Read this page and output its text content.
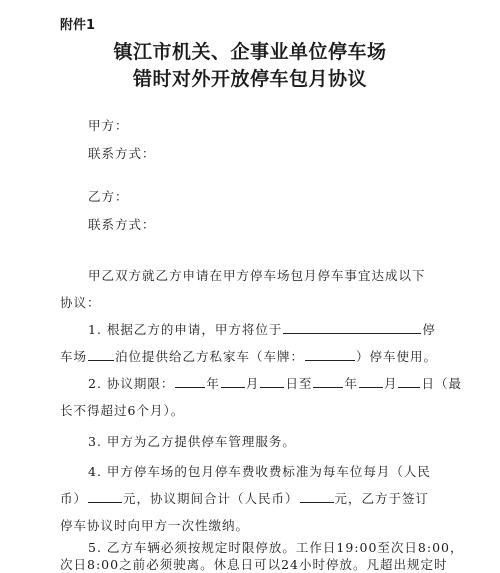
附件1
镇江市机关、企事业单位停车场
错时对外开放停车包月协议
甲方：
联系方式：
乙方：
联系方式：
甲乙双方就乙方申请在甲方停车场包月停车事宜达成以下
协议：
1. 根据乙方的申请，甲方将位于	停
车场 泊位提供给乙方私家车（车牌：	）停车使用。
2. 协议期限：	年 月 日至	年 月 日（最
长不得超过6个月）。
3. 甲方为乙方提供停车管理服务。
4. 甲方停车场的包月停车费收费标准为每车位每月（人民
币）	元，协议期间合计（人民币）	元，乙方于签订
停车协议时向甲方一次性缴纳。
5. 乙方车辆必须按规定时限停放。工作日19:00至次日8:00，
次日8:00之前必须驶离。休息日可以24小时停放。凡超出规定时
